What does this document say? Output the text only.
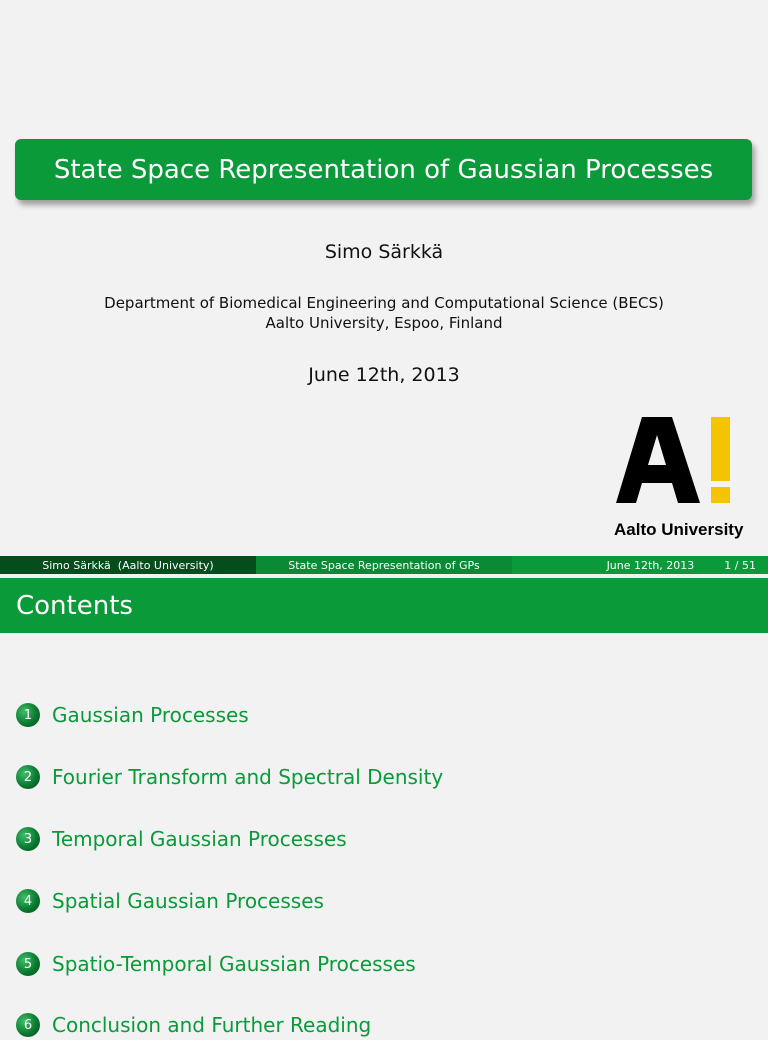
State Space Representation of Gaussian Processes
Simo Särkkä
Department of Biomedical Engineering and Computational Science (BECS)
Aalto University, Espoo, Finland
June 12th, 2013
Aalto University
Simo Särkkä  (Aalto University)	State Space Representation of GPs	June 12th, 2013	1 / 51
Contents
1 Gaussian Processes
2 Fourier Transform and Spectral Density
3 Temporal Gaussian Processes
4 Spatial Gaussian Processes
5 Spatio-Temporal Gaussian Processes
6 Conclusion and Further Reading
